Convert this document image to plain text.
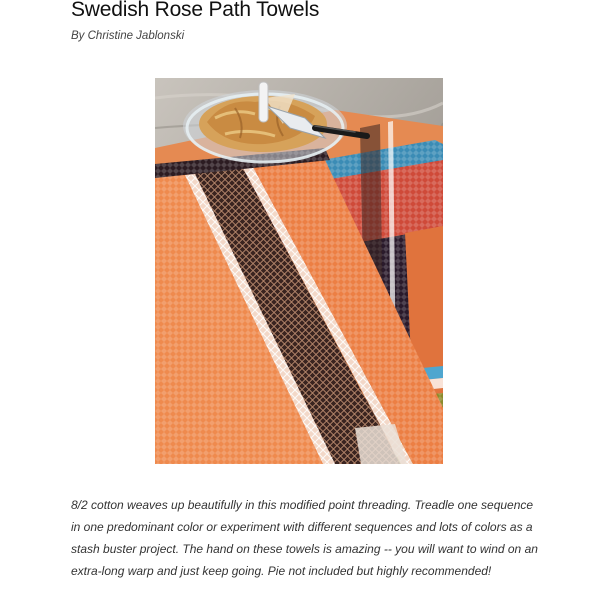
Swedish Rose Path Towels

By Christine Jablonski

8/2 cotton weaves up beautifully in this modified point threading. Treadle one sequence in one predominant color or experiment with different sequences and lots of colors as a stash buster project. The hand on these towels is amazing -- you will want to wind on an extra-long warp and just keep going. Pie not included but highly recommended!
